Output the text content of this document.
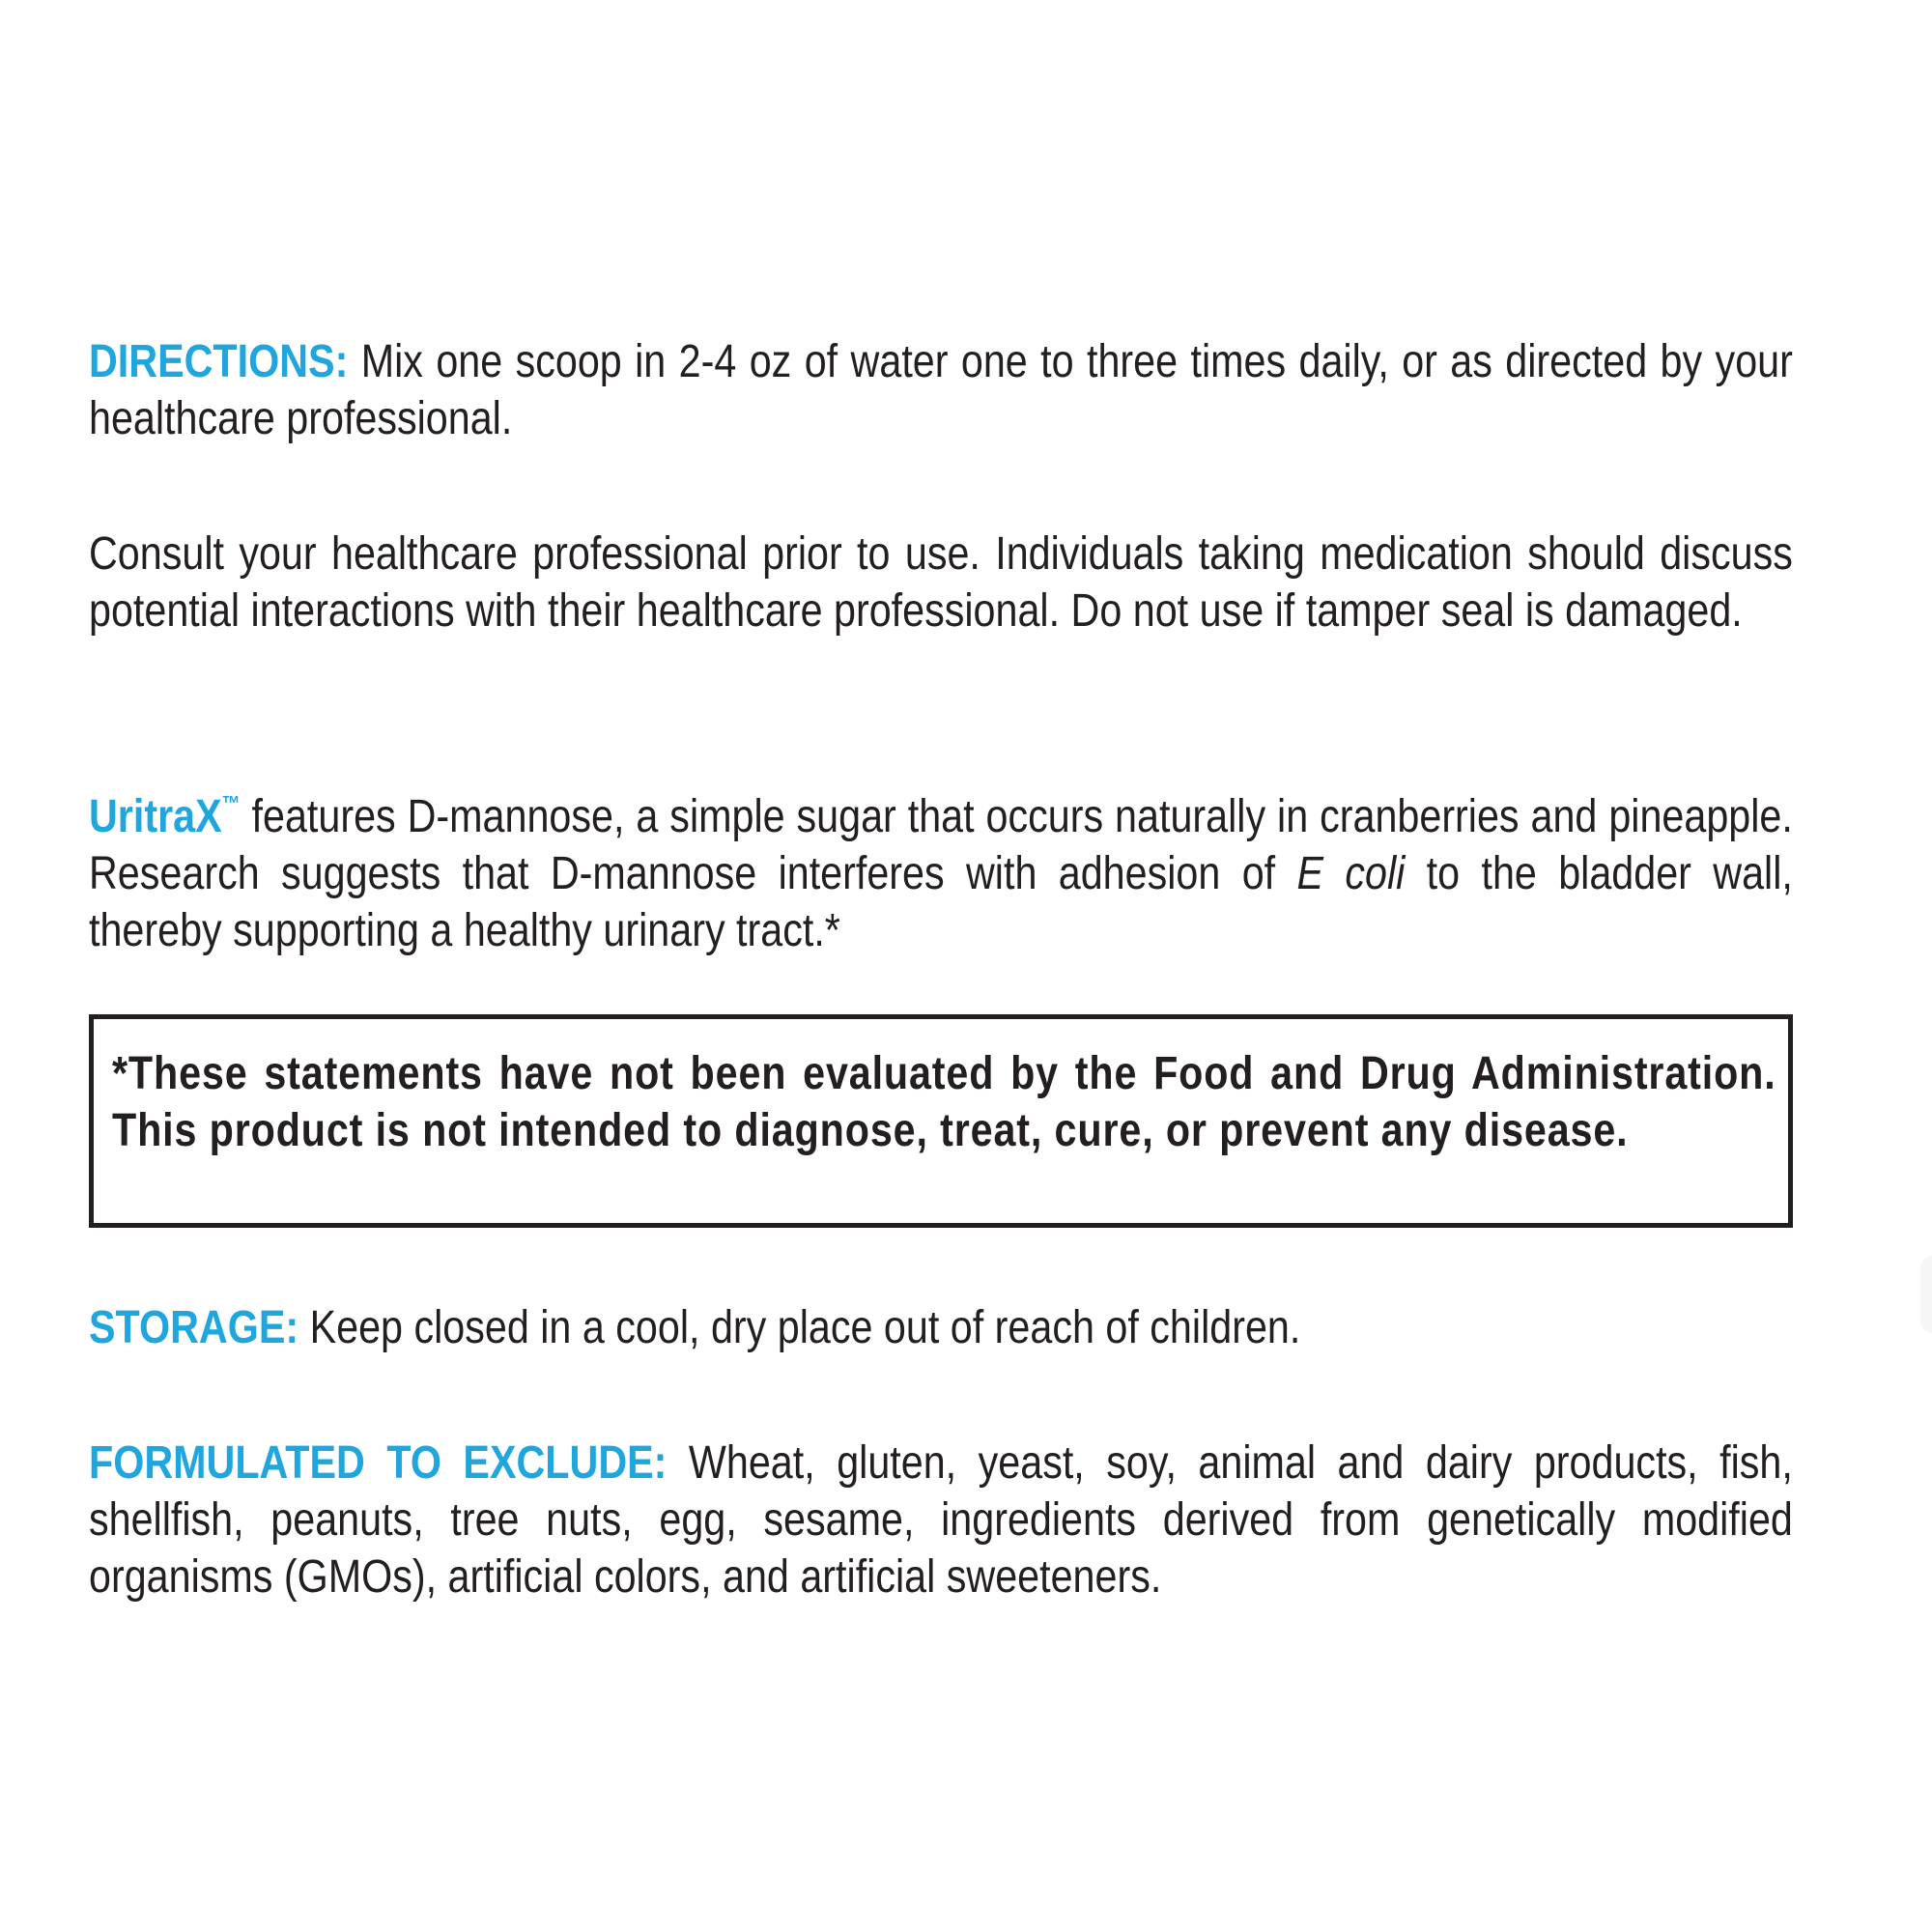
DIRECTIONS: Mix one scoop in 2-4 oz of water one to three times daily, or as directed by your healthcare professional.

Consult your healthcare professional prior to use. Individuals taking medication should discuss potential interactions with their healthcare professional. Do not use if tamper seal is damaged.

UritraX™ features D-mannose, a simple sugar that occurs naturally in cranberries and pineapple. Research suggests that D-mannose interferes with adhesion of E coli to the bladder wall, thereby supporting a healthy urinary tract.*

*These statements have not been evaluated by the Food and Drug Administration. This product is not intended to diagnose, treat, cure, or prevent any disease.

STORAGE: Keep closed in a cool, dry place out of reach of children.

FORMULATED TO EXCLUDE: Wheat, gluten, yeast, soy, animal and dairy products, fish, shellfish, peanuts, tree nuts, egg, sesame, ingredients derived from genetically modified organisms (GMOs), artificial colors, and artificial sweeteners.
